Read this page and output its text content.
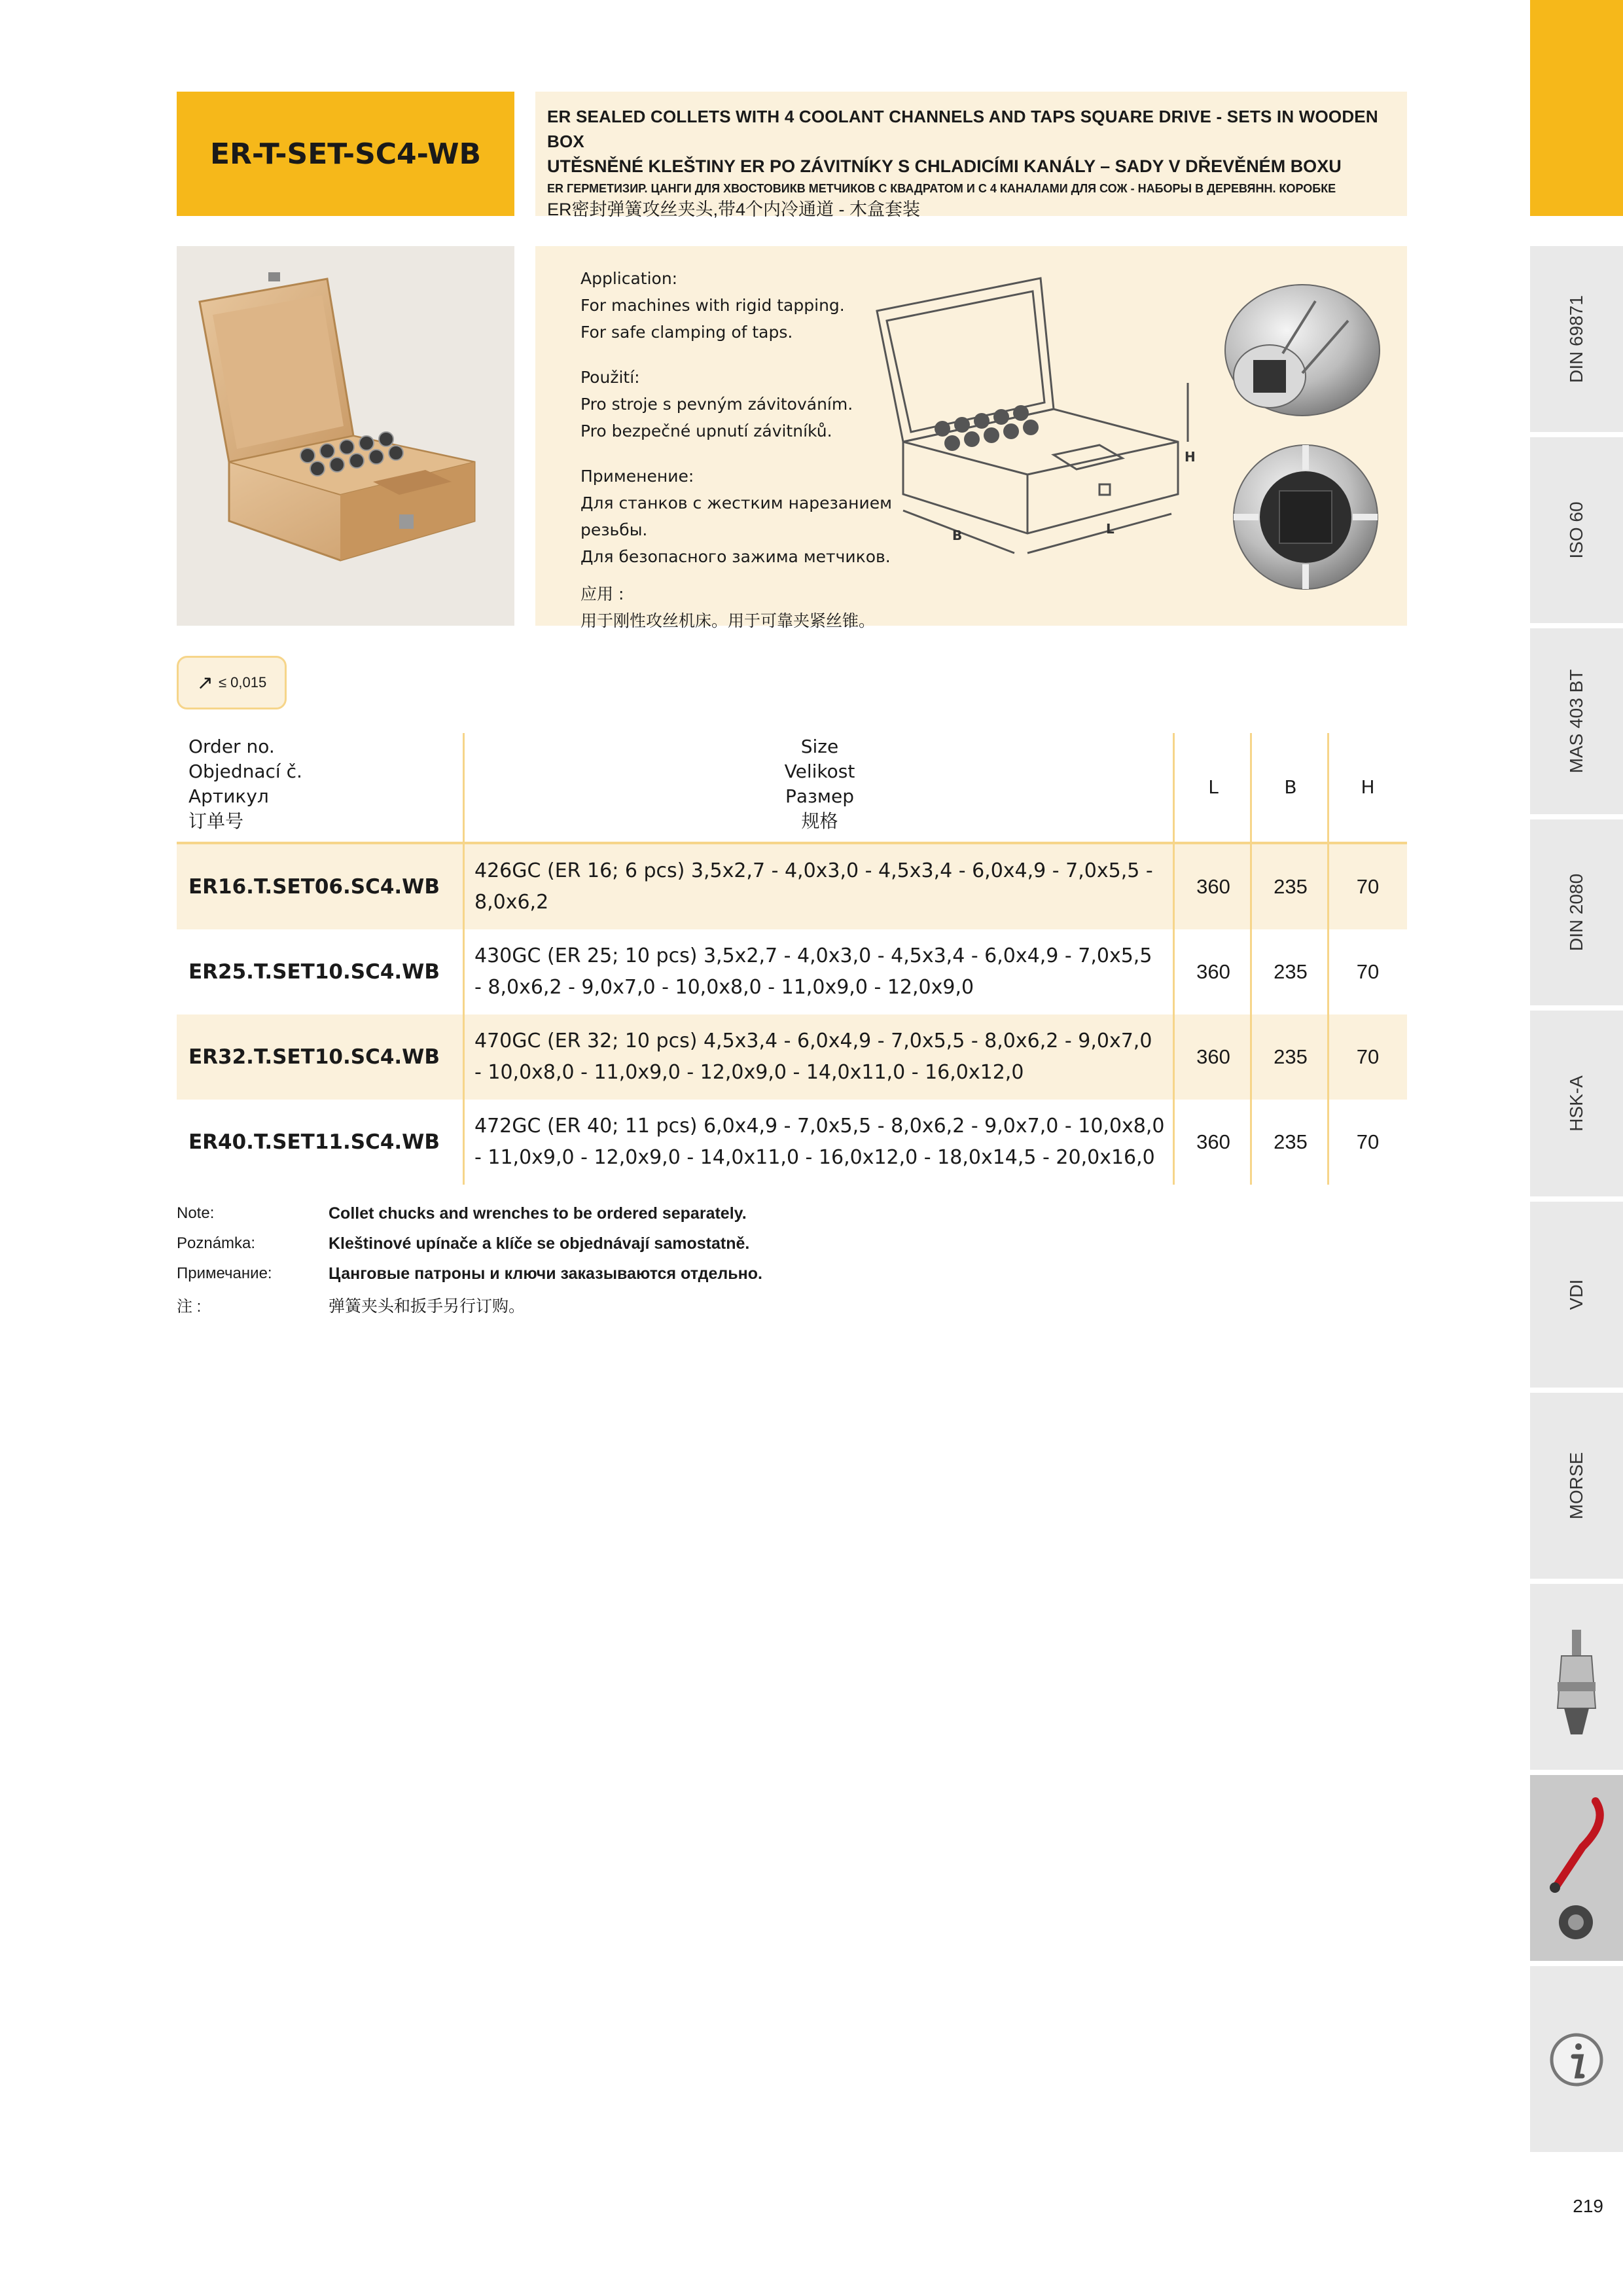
ER-T-SET-SC4-WB
ER SEALED COLLETS WITH 4 COOLANT CHANNELS AND TAPS SQUARE DRIVE - SETS IN WOODEN BOX
UTĚSNĚNÉ KLEŠTINY ER PO ZÁVITNÍKY S CHLADICÍMI KANÁLY – SADY V DŘEVĚNÉM BOXU
ER ГЕРМЕТИЗИР. ЦАНГИ ДЛЯ ХВОСТОВИКВ МЕТЧИКОВ С КВАДРАТОМ И С 4 КАНАЛАМИ ДЛЯ СОЖ - НАБОРЫ В ДЕРЕВЯНН. КОРОБКЕ
ER密封弹簧攻丝夹头,带4个内冷通道 - 木盒套装
Application:
For machines with rigid tapping.
For safe clamping of taps.
Použití:
Pro stroje s pevným závitováním.
Pro bezpečné upnutí závitníků.
Применение:
Для станков с жестким нарезанием резьбы.
Для безопасного зажима метчиков.
应用 :
用于刚性攻丝机床。用于可靠夹紧丝锥。
B	L
H
↗ ≤ 0,015
Order no.
Objednací č.
Артикул
订单号
Size
Velikost
Размер
规格
L	B	H
ER16.T.SET06.SC4.WB
426GC (ER 16; 6 pcs) 3,5x2,7 - 4,0x3,0 - 4,5x3,4 - 6,0x4,9 - 7,0x5,5 - 8,0x6,2
360	235	70
ER25.T.SET10.SC4.WB
430GC (ER 25; 10 pcs) 3,5x2,7 - 4,0x3,0 - 4,5x3,4 - 6,0x4,9 - 7,0x5,5 - 8,0x6,2 - 9,0x7,0 - 10,0x8,0 - 11,0x9,0 - 12,0x9,0
360	235	70
ER32.T.SET10.SC4.WB
470GC (ER 32; 10 pcs) 4,5x3,4 - 6,0x4,9 - 7,0x5,5 - 8,0x6,2 - 9,0x7,0 - 10,0x8,0 - 11,0x9,0 - 12,0x9,0 - 14,0x11,0 - 16,0x12,0
360	235	70
ER40.T.SET11.SC4.WB
472GC (ER 40; 11 pcs) 6,0x4,9 - 7,0x5,5 - 8,0x6,2 - 9,0x7,0 - 10,0x8,0 - 11,0x9,0 - 12,0x9,0 - 14,0x11,0 - 16,0x12,0 - 18,0x14,5 - 20,0x16,0
360	235	70
Note:	Collet chucks and wrenches to be ordered separately.
Poznámka:	Kleštinové upínače a klíče se objednávají samostatně.
Примечание:	Цанговые патроны и ключи заказываются отдельно.
注 :	弹簧夹头和扳手另行订购。
DIN 69871
ISO 60
MAS 403 BT
DIN 2080
HSK-A
VDI
MORSE
219
